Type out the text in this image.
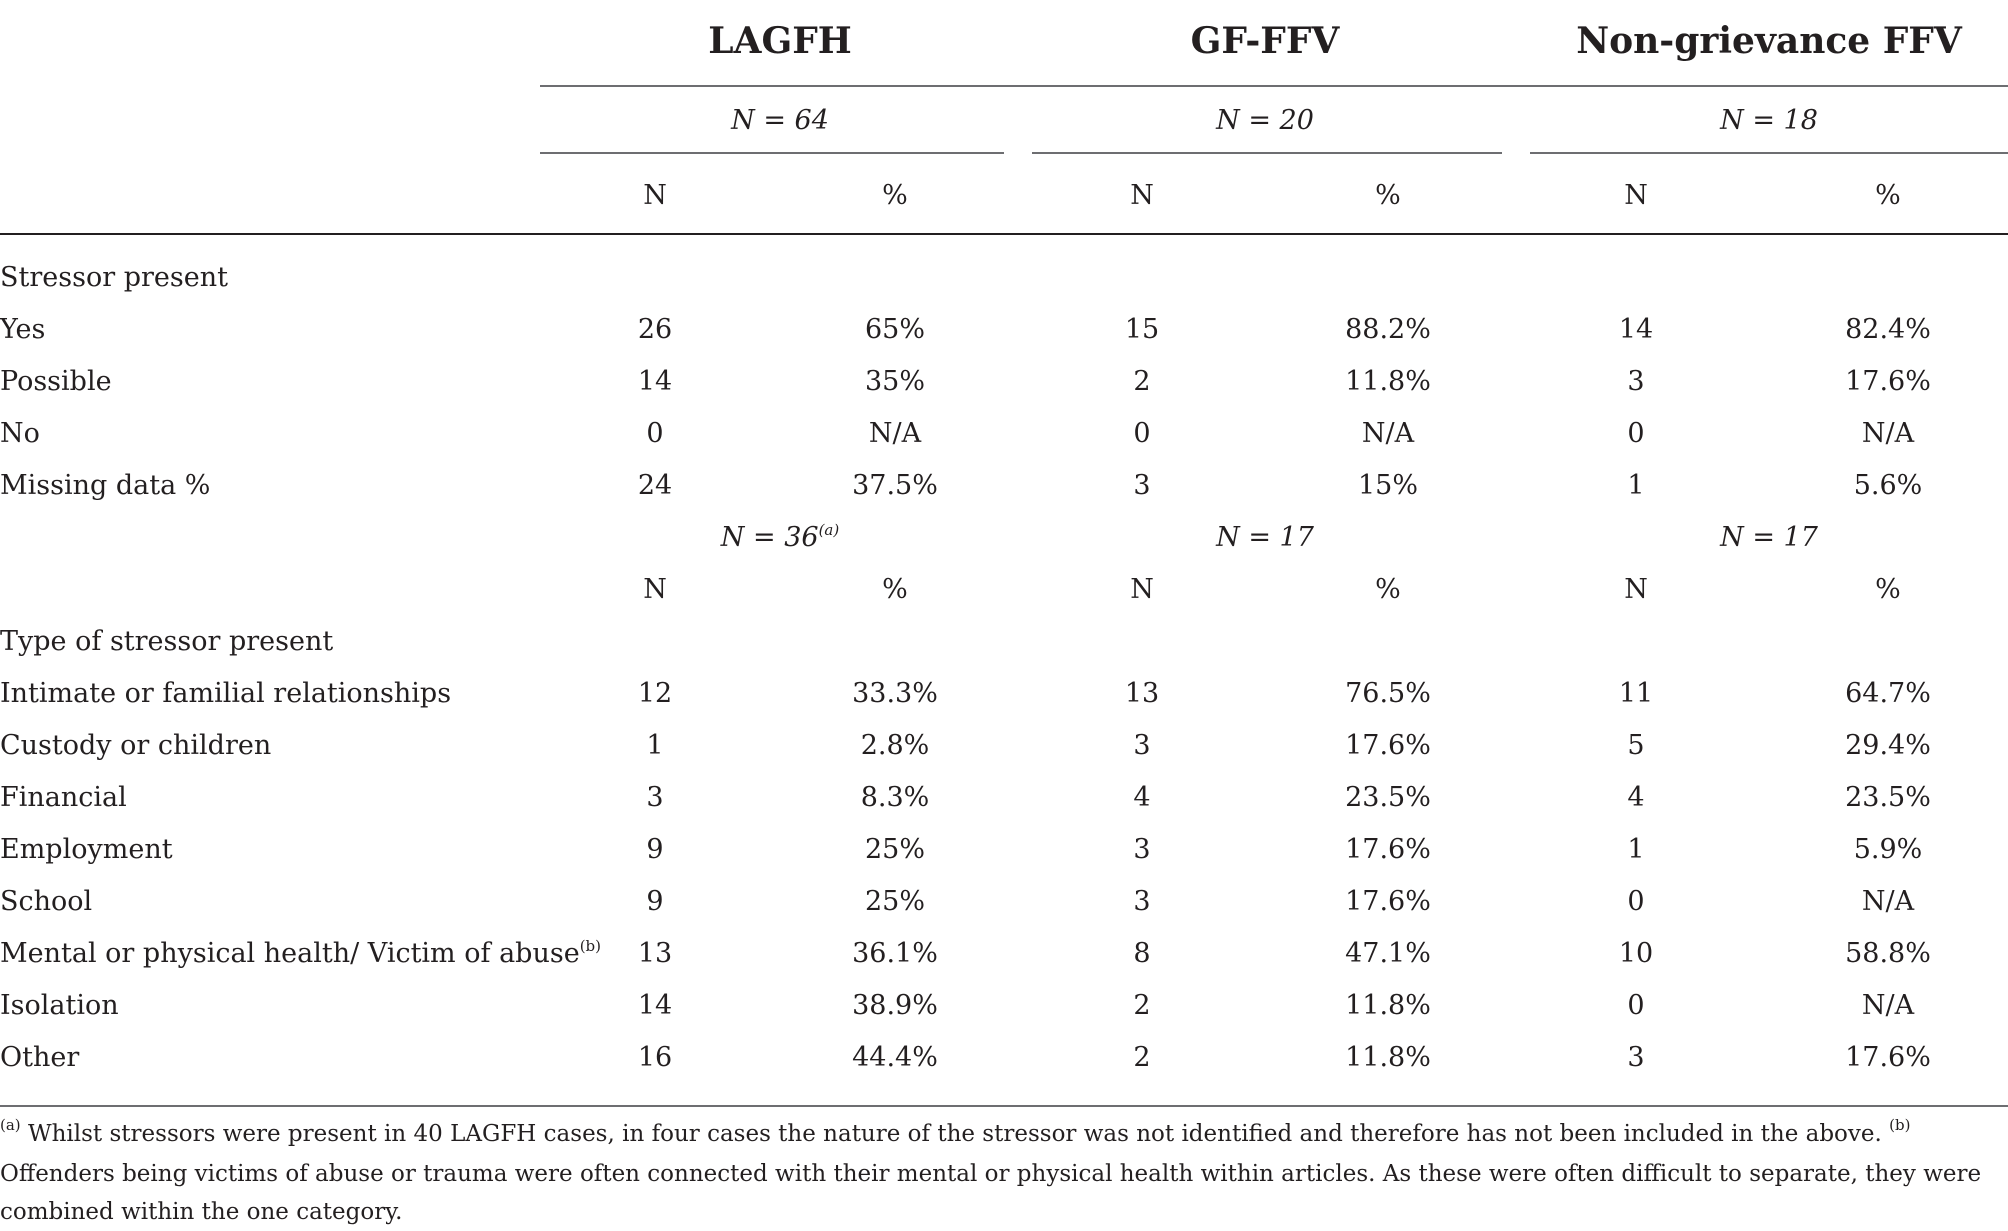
LAGFH	GF-FFV	Non-grievance FFV
N = 64	N = 20	N = 18
N	%	N	%	N	%
Stressor present
Yes	26	65%	15	88.2%	14	82.4%
Possible	14	35%	2	11.8%	3	17.6%
No	0	N/A	0	N/A	0	N/A
Missing data %	24	37.5%	3	15%	1	5.6%
$N = 36^{(a)}$	N = 17	N = 17
N	%	N	%	N	%
Type of stressor present
Intimate or familial relationships	12	33.3%	13	76.5%	11	64.7%
Custody or children	1	2.8%	3	17.6%	5	29.4%
Financial	3	8.3%	4	23.5%	4	23.5%
Employment	9	25%	3	17.6%	1	5.9%
School	9	25%	3	17.6%	0	N/A
Mental or physical health/ Victim of abuse$^{(b)}$	13	36.1%	8	47.1%	10	58.8%
Isolation	14	38.9%	2	11.8%	0	N/A
Other	16	44.4%	2	11.8%	3	17.6%
$^{(a)}$ Whilst stressors were present in 40 LAGFH cases, in four cases the nature of the stressor was not identified and therefore has not been included in the above. $^{(b)}$ Offenders being victims of abuse or trauma were often connected with their mental or physical health within articles. As these were often difficult to separate, they were combined within the one category.
